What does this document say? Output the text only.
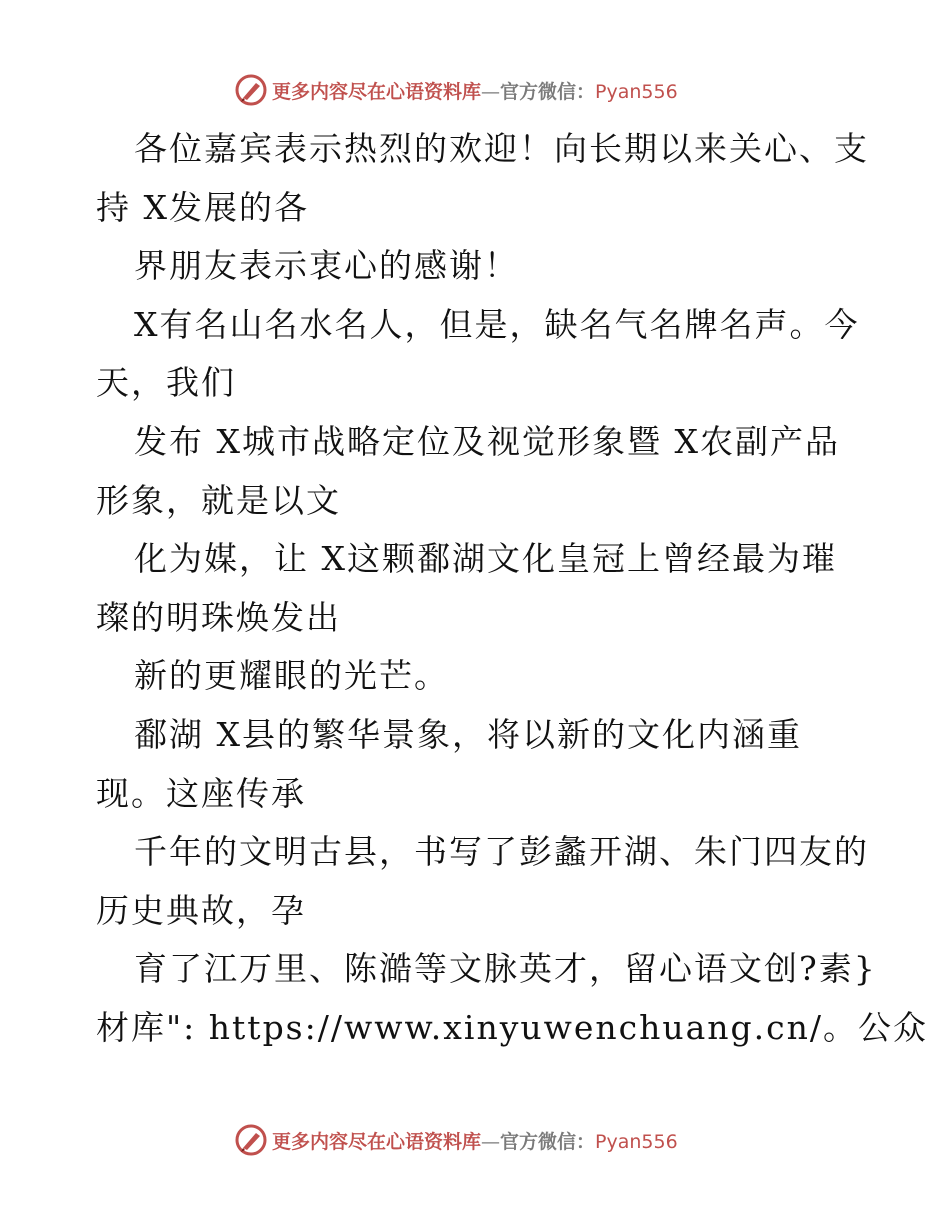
更多内容尽在心语资料库—官方微信：Pyan556
各位嘉宾表示热烈的欢迎！向长期以来关心、支
持 X发展的各
界朋友表示衷心的感谢！
X有名山名水名人，但是，缺名气名牌名声。今
天，我们
发布 X城市战略定位及视觉形象暨 X农副产品
形象，就是以文
化为媒，让 X这颗鄱湖文化皇冠上曾经最为璀
璨的明珠焕发出
新的更耀眼的光芒。
鄱湖 X县的繁华景象，将以新的文化内涵重
现。这座传承
千年的文明古县，书写了彭蠡开湖、朱门四友的
历史典故，孕
育了江万里、陈澔等文脉英才，留心语文创?素}
材库": https://www.xinyuwenchuang.cn/。公众
更多内容尽在心语资料库—官方微信：Pyan556
